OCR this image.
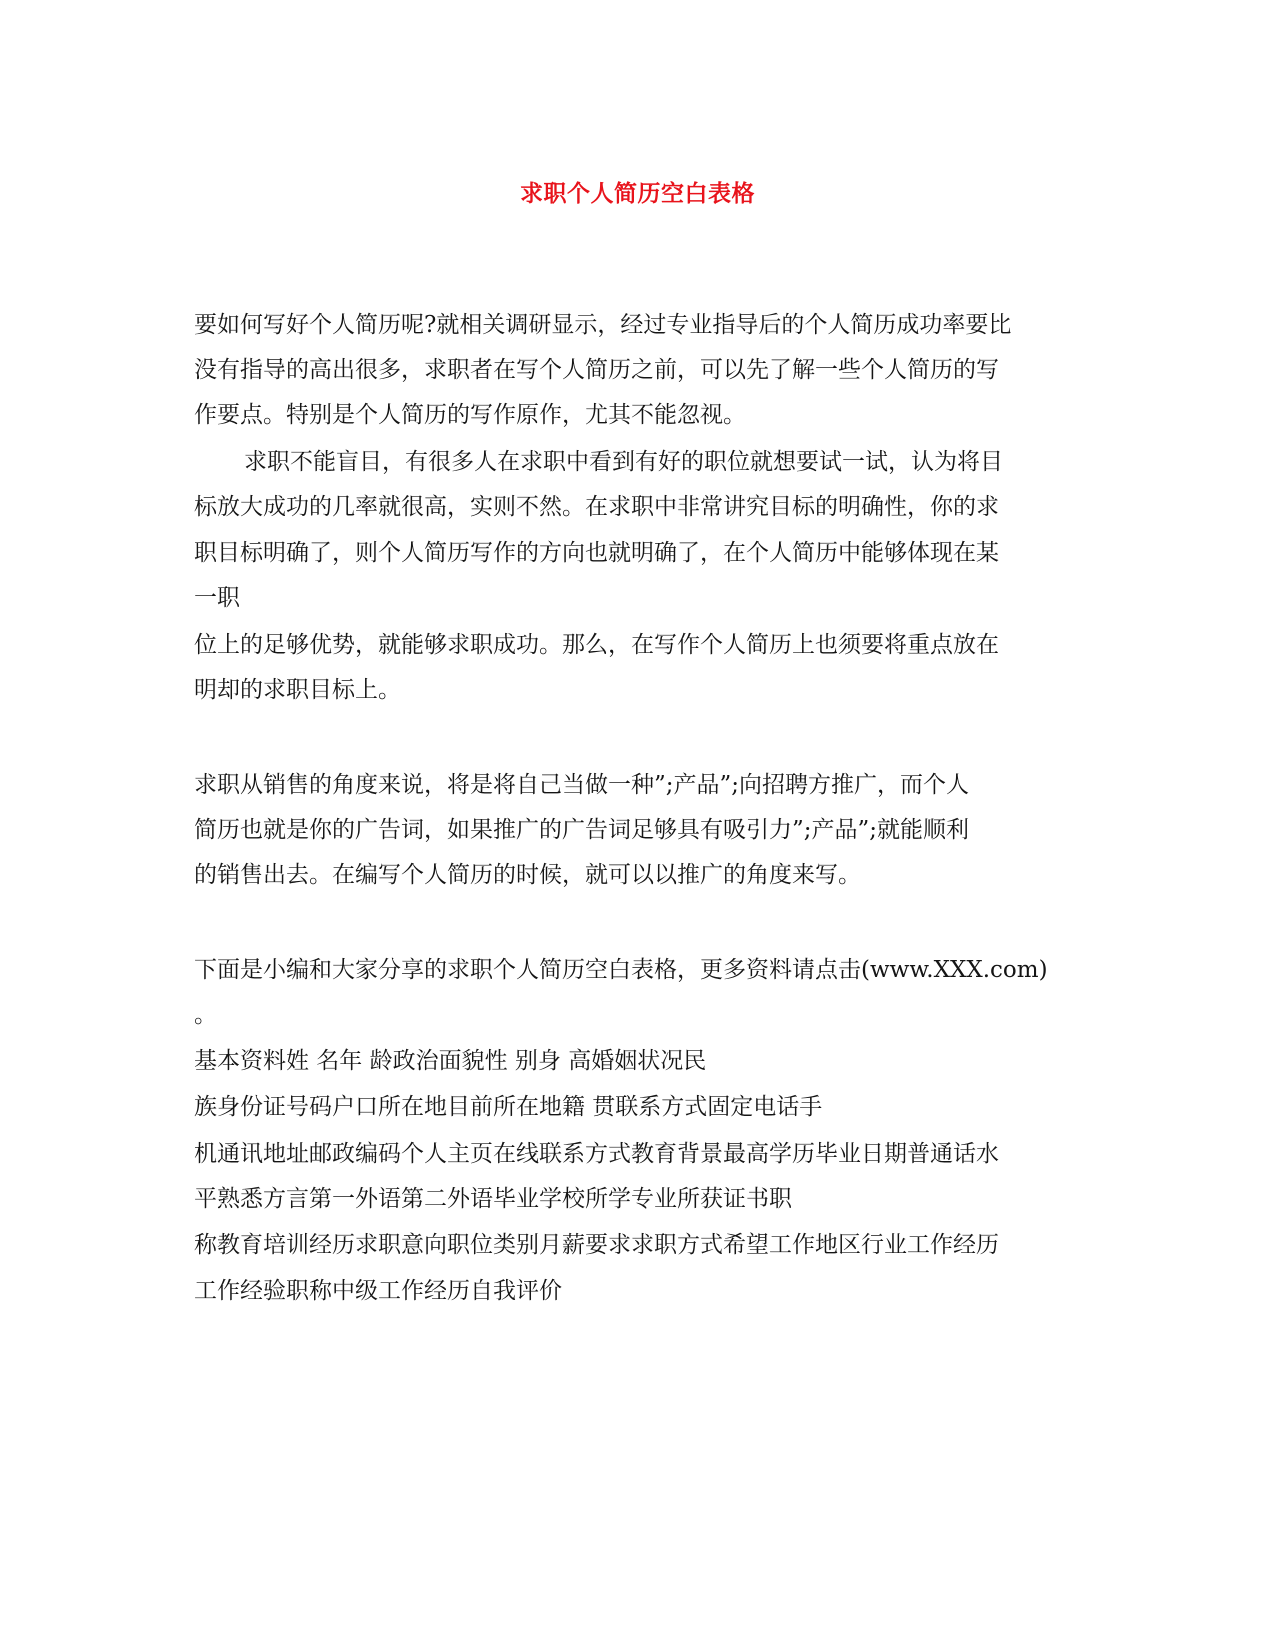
求职个人简历空白表格
要如何写好个人简历呢?就相关调研显示，经过专业指导后的个人简历成功率要比
没有指导的高出很多，求职者在写个人简历之前，可以先了解一些个人简历的写
作要点。特别是个人简历的写作原作，尤其不能忽视。
求职不能盲目，有很多人在求职中看到有好的职位就想要试一试，认为将目
标放大成功的几率就很高，实则不然。在求职中非常讲究目标的明确性，你的求
职目标明确了，则个人简历写作的方向也就明确了，在个人简历中能够体现在某
一职
位上的足够优势，就能够求职成功。那么，在写作个人简历上也须要将重点放在
明却的求职目标上。
求职从销售的角度来说，将是将自己当做一种”;产品”;向招聘方推广，而个人
简历也就是你的广告词，如果推广的广告词足够具有吸引力”;产品”;就能顺利
的销售出去。在编写个人简历的时候，就可以以推广的角度来写。
下面是小编和大家分享的求职个人简历空白表格，更多资料请点击(www.XXX.com)
。
基本资料姓 名年 龄政治面貌性 别身 高婚姻状况民
族身份证号码户口所在地目前所在地籍 贯联系方式固定电话手
机通讯地址邮政编码个人主页在线联系方式教育背景最高学历毕业日期普通话水
平熟悉方言第一外语第二外语毕业学校所学专业所获证书职
称教育培训经历求职意向职位类别月薪要求求职方式希望工作地区行业工作经历
工作经验职称中级工作经历自我评价
